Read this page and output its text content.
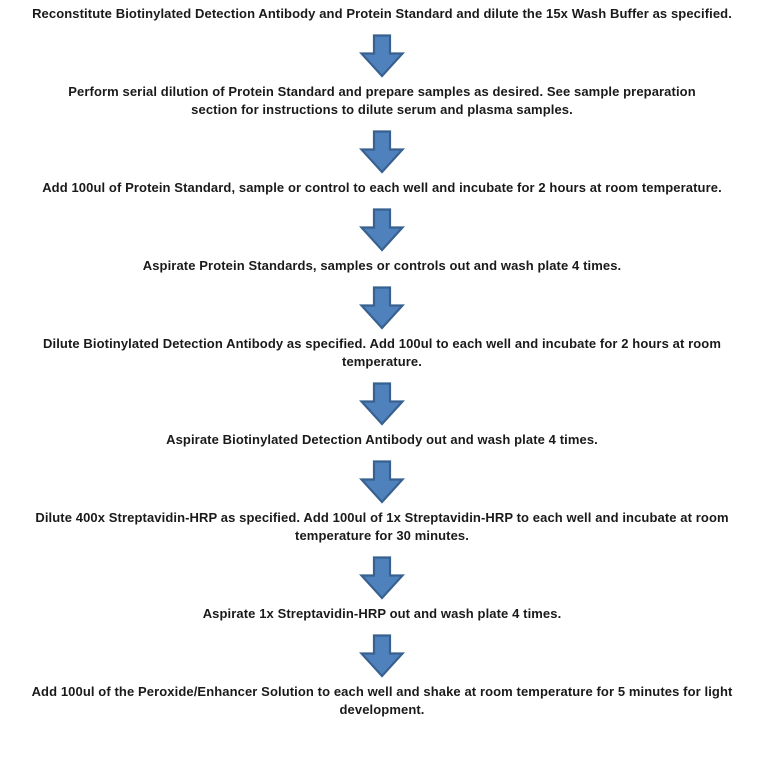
Reconstitute Biotinylated Detection Antibody and Protein Standard and dilute the 15x Wash Buffer as specified.
Perform serial dilution of Protein Standard and prepare samples as desired. See sample preparation section for instructions to dilute serum and plasma samples.
Add 100ul of Protein Standard, sample or control to each well and incubate for 2 hours at room temperature.
Aspirate Protein Standards, samples or controls out and wash plate 4 times.
Dilute Biotinylated Detection Antibody as specified. Add 100ul to each well and incubate for 2 hours at room temperature.
Aspirate Biotinylated Detection Antibody out and wash plate 4 times.
Dilute 400x Streptavidin-HRP as specified. Add 100ul of 1x Streptavidin-HRP to each well and incubate at room temperature for 30 minutes.
Aspirate 1x Streptavidin-HRP out and wash plate 4 times.
Add 100ul of the Peroxide/Enhancer Solution to each well and shake at room temperature for 5 minutes for light development.
